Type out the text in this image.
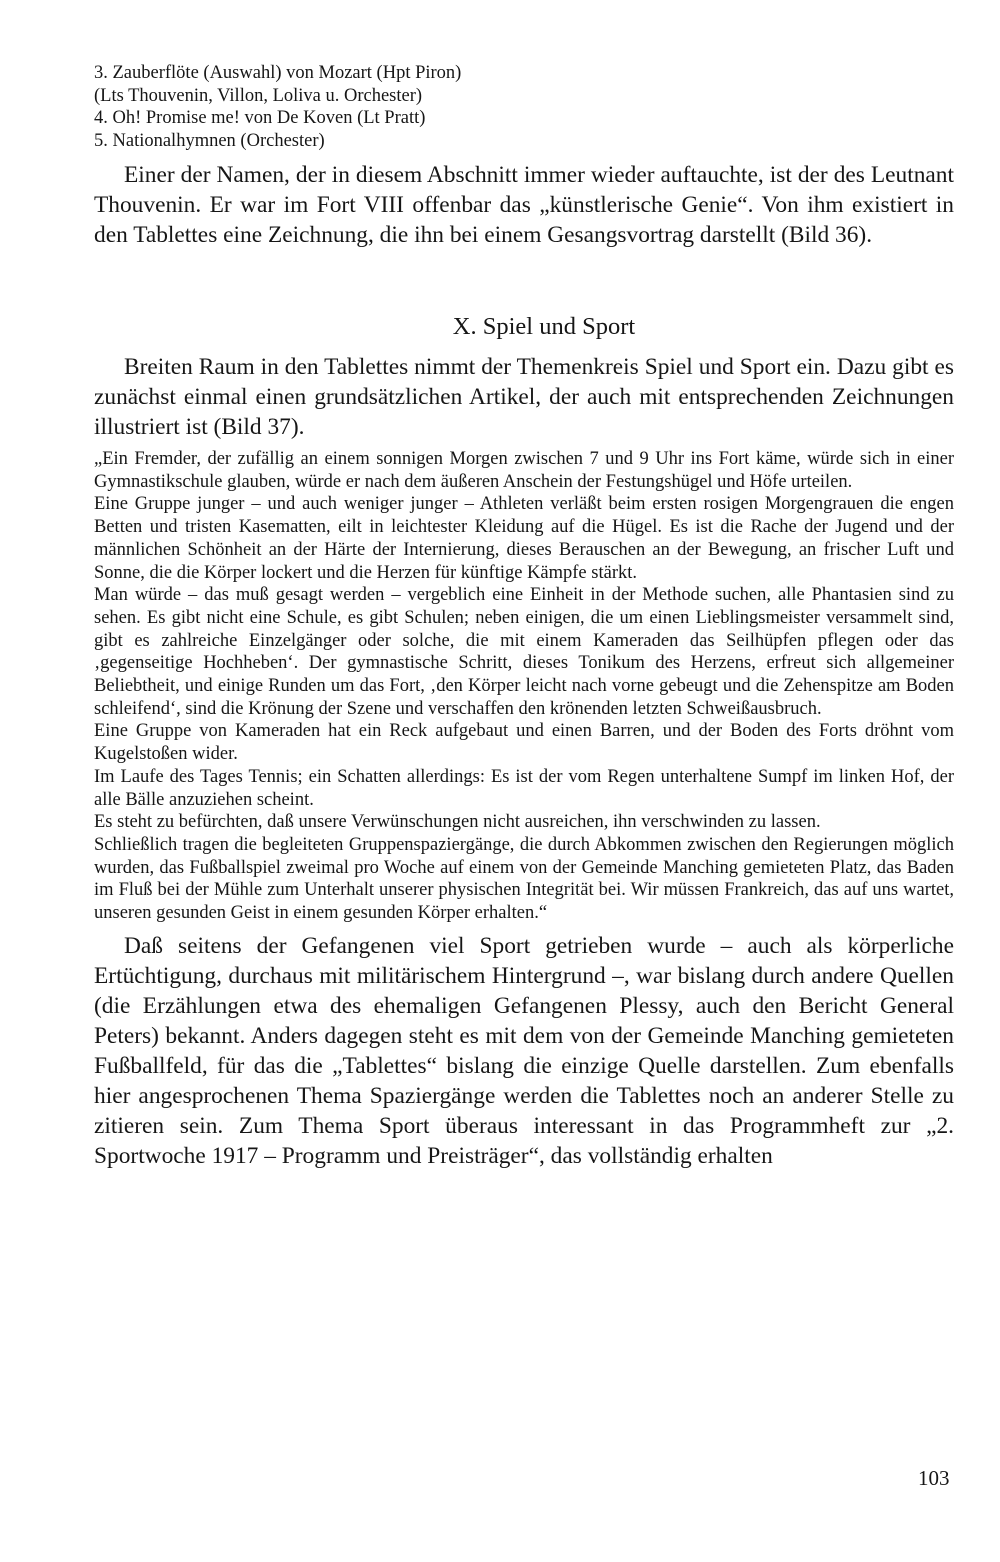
3. Zauberflöte (Auswahl) von Mozart (Hpt Piron)
(Lts Thouvenin, Villon, Loliva u. Orchester)
4. Oh! Promise me! von De Koven (Lt Pratt)
5. Nationalhymnen (Orchester)

Einer der Namen, der in diesem Abschnitt immer wieder auftauchte, ist der des Leutnant Thouvenin. Er war im Fort VIII offenbar das „künstlerische Genie“. Von ihm existiert in den Tablettes eine Zeichnung, die ihn bei einem Gesangsvortrag darstellt (Bild 36).

X. Spiel und Sport

Breiten Raum in den Tablettes nimmt der Themenkreis Spiel und Sport ein. Dazu gibt es zunächst einmal einen grundsätzlichen Artikel, der auch mit entsprechenden Zeichnungen illustriert ist (Bild 37).

„Ein Fremder, der zufällig an einem sonnigen Morgen zwischen 7 und 9 Uhr ins Fort käme, würde sich in einer Gymnastikschule glauben, würde er nach dem äußeren Anschein der Festungshügel und Höfe urteilen.

Eine Gruppe junger – und auch weniger junger – Athleten verläßt beim ersten rosigen Morgengrauen die engen Betten und tristen Kasematten, eilt in leichtester Kleidung auf die Hügel. Es ist die Rache der Jugend und der männlichen Schönheit an der Härte der Internierung, dieses Berauschen an der Bewegung, an frischer Luft und Sonne, die die Körper lockert und die Herzen für künftige Kämpfe stärkt.

Man würde – das muß gesagt werden – vergeblich eine Einheit in der Methode suchen, alle Phantasien sind zu sehen. Es gibt nicht eine Schule, es gibt Schulen; neben einigen, die um einen Lieblingsmeister versammelt sind, gibt es zahlreiche Einzelgänger oder solche, die mit einem Kameraden das Seilhüpfen pflegen oder das ‚gegenseitige Hochheben‘. Der gymnastische Schritt, dieses Tonikum des Herzens, erfreut sich allgemeiner Beliebtheit, und einige Runden um das Fort, ‚den Körper leicht nach vorne gebeugt und die Zehenspitze am Boden schleifend‘, sind die Krönung der Szene und verschaffen den krönenden letzten Schweißausbruch.

Eine Gruppe von Kameraden hat ein Reck aufgebaut und einen Barren, und der Boden des Forts dröhnt vom Kugelstoßen wider.

Im Laufe des Tages Tennis; ein Schatten allerdings: Es ist der vom Regen unterhaltene Sumpf im linken Hof, der alle Bälle anzuziehen scheint.

Es steht zu befürchten, daß unsere Verwünschungen nicht ausreichen, ihn verschwinden zu lassen.

Schließlich tragen die begleiteten Gruppenspaziergänge, die durch Abkommen zwischen den Regierungen möglich wurden, das Fußballspiel zweimal pro Woche auf einem von der Gemeinde Manching gemieteten Platz, das Baden im Fluß bei der Mühle zum Unterhalt unserer physischen Integrität bei. Wir müssen Frankreich, das auf uns wartet, unseren gesunden Geist in einem gesunden Körper erhalten.“

Daß seitens der Gefangenen viel Sport getrieben wurde – auch als körperliche Ertüchtigung, durchaus mit militärischem Hintergrund –, war bislang durch andere Quellen (die Erzählungen etwa des ehemaligen Gefangenen Plessy, auch den Bericht General Peters) bekannt. Anders dagegen steht es mit dem von der Gemeinde Manching gemieteten Fußballfeld, für das die „Tablettes“ bislang die einzige Quelle darstellen. Zum ebenfalls hier angesprochenen Thema Spaziergänge werden die Tablettes noch an anderer Stelle zu zitieren sein. Zum Thema Sport überaus interessant in das Programmheft zur „2. Sportwoche 1917 – Programm und Preisträger“, das vollständig erhalten

103
